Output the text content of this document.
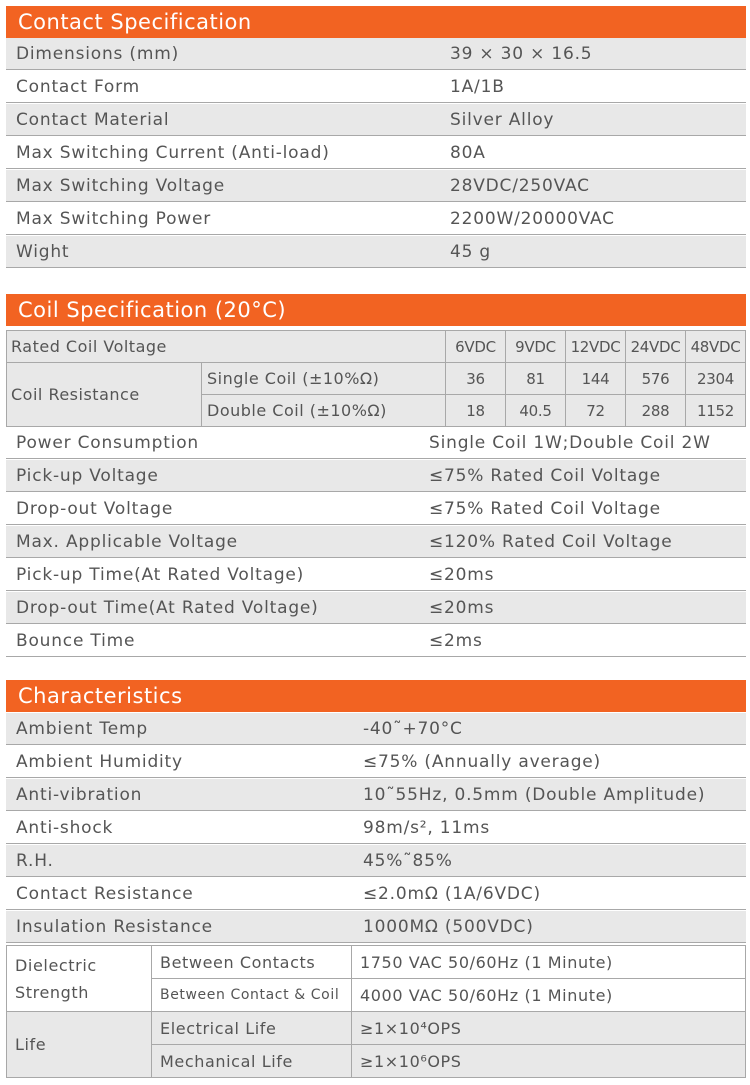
Contact Specification
Dimensions (mm)	39 × 30 × 16.5
Contact Form	1A/1B
Contact Material	Silver Alloy
Max Switching Current (Anti-load)	80A
Max Switching Voltage	28VDC/250VAC
Max Switching Power	2200W/20000VAC
Wight	45 g
Coil Specification (20°C)
Rated Coil Voltage		6VDC	9VDC	12VDC	24VDC	48VDC
Coil Resistance	Single Coil (±10%Ω)	36	81	144	576	2304
	Double Coil (±10%Ω)	18	40.5	72	288	1152
Power Consumption	Single Coil 1W;Double Coil 2W
Pick-up Voltage	≤75% Rated Coil Voltage
Drop-out Voltage	≤75% Rated Coil Voltage
Max. Applicable Voltage	≤120% Rated Coil Voltage
Pick-up Time(At Rated Voltage)	≤20ms
Drop-out Time(At Rated Voltage)	≤20ms
Bounce Time	≤2ms
Characteristics
Ambient Temp	-40˜+70°C
Ambient Humidity	≤75% (Annually average)
Anti-vibration	10˜55Hz, 0.5mm (Double Amplitude)
Anti-shock	98m/s², 11ms
R.H.	45%˜85%
Contact Resistance	≤2.0mΩ (1A/6VDC)
Insulation Resistance	1000MΩ (500VDC)
Dielectric
Strength	Between Contacts	1750 VAC 50/60Hz (1 Minute)
	Between Contact & Coil	4000 VAC 50/60Hz (1 Minute)
Life	Electrical Life	≥1×10⁴OPS
	Mechanical Life	≥1×10⁶OPS
